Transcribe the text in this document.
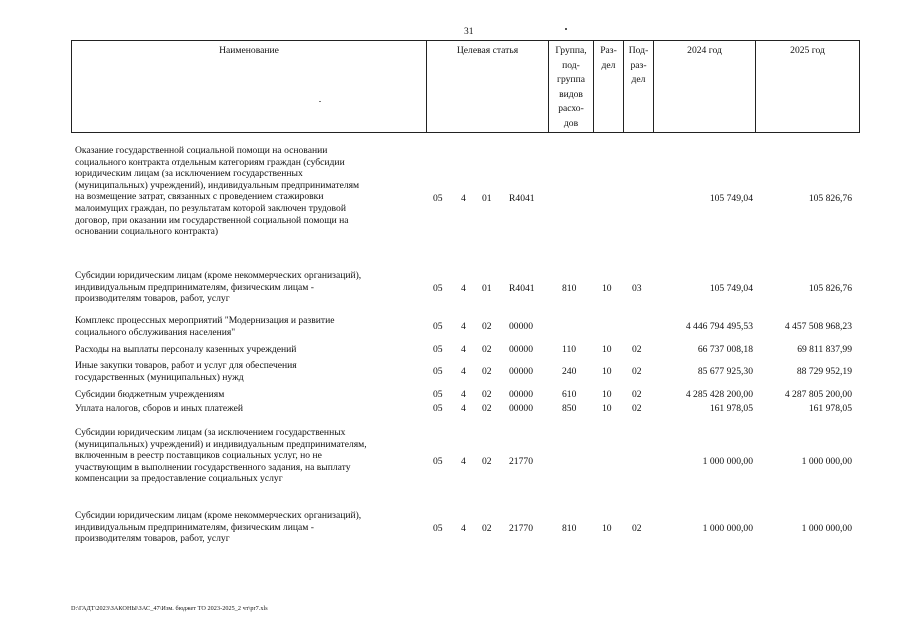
31
Наименование	Целевая статья	Группа,
под-
группа
видов
расхо-
дов	Раз-
дел	Под-
раз-
дел	2024 год	2025 год
Оказание государственной социальной помощи на основании
социального контракта отдельным категориям граждан (субсидии
юридическим лицам (за исключением государственных
(муниципальных) учреждений), индивидуальным предпринимателям
на возмещение затрат, связанных с проведением стажировки
малоимущих граждан, по результатам которой заключен трудовой
договор, при оказании им государственной социальной помощи на
основании социального контракта)
05 4 01 R4041	105 749,04	105 826,76
Субсидии юридическим лицам (кроме некоммерческих организаций),
индивидуальным предпринимателям, физическим лицам -
производителям товаров, работ, услуг
05 4 01 R4041	810	10 03	105 749,04	105 826,76
Комплекс процессных мероприятий "Модернизация и развитие
социального обслуживания населения"
05 4 02 00000	4 446 794 495,53	4 457 508 968,23
Расходы на выплаты персоналу казенных учреждений	05 4 02 00000	110	10 02	66 737 008,18	69 811 837,99
Иные закупки товаров, работ и услуг для обеспечения
государственных (муниципальных) нужд
05 4 02 00000	240	10 02	85 677 925,30	88 729 952,19
Субсидии бюджетным учреждениям	05 4 02 00000	610	10 02	4 285 428 200,00	4 287 805 200,00
Уплата налогов, сборов и иных платежей	05 4 02 00000	850	10 02	161 978,05	161 978,05
Субсидии юридическим лицам (за исключением государственных
(муниципальных) учреждений) и индивидуальным предпринимателям,
включенным в реестр поставщиков социальных услуг, но не
участвующим в выполнении государственного задания, на выплату
компенсации за предоставление социальных услуг
05 4 02 21770	1 000 000,00	1 000 000,00
Субсидии юридическим лицам (кроме некоммерческих организаций),
индивидуальным предпринимателям, физическим лицам -
производителям товаров, работ, услуг
05 4 02 21770	810	10 02	1 000 000,00	1 000 000,00
D:\ГАДТ\2023\ЗАКОНЫ\ЗАС_47\Изм. бюджет ТО 2023-2025_2 чт\pr7.xls
